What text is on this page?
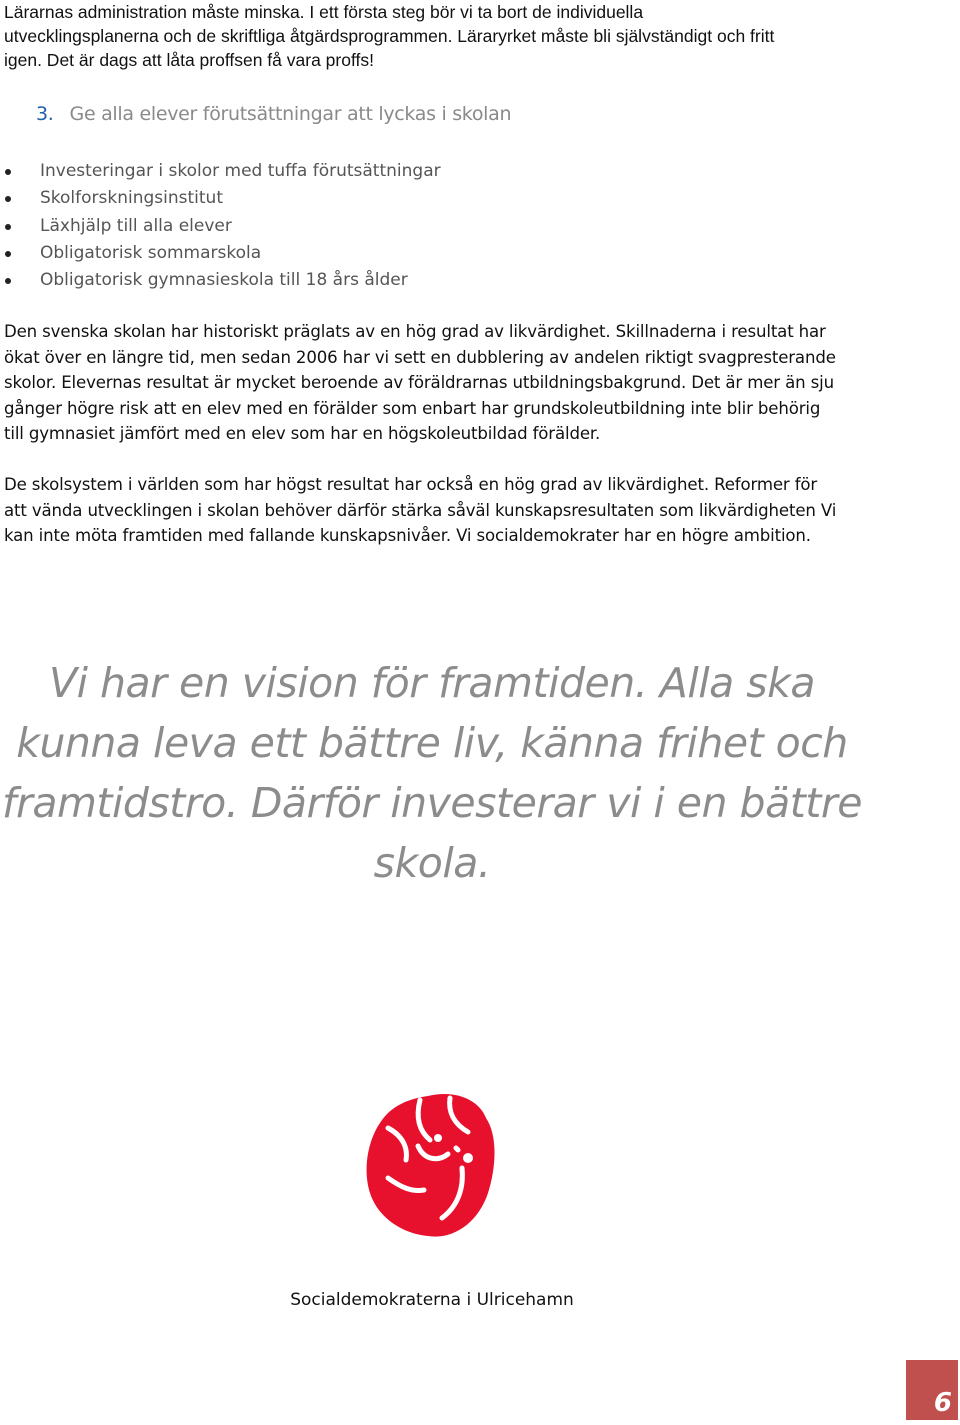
Lärarnas administration måste minska. I ett första steg bör vi ta bort de individuella
utvecklingsplanerna och de skriftliga åtgärdsprogrammen. Läraryrket måste bli självständigt och fritt
igen. Det är dags att låta proffsen få vara proffs!
3. Ge alla elever förutsättningar att lyckas i skolan
Investeringar i skolor med tuffa förutsättningar
Skolforskningsinstitut
Läxhjälp till alla elever
Obligatorisk sommarskola
Obligatorisk gymnasieskola till 18 års ålder
Den svenska skolan har historiskt präglats av en hög grad av likvärdighet. Skillnaderna i resultat har
ökat över en längre tid, men sedan 2006 har vi sett en dubblering av andelen riktigt svagpresterande
skolor. Elevernas resultat är mycket beroende av föräldrarnas utbildningsbakgrund. Det är mer än sju
gånger högre risk att en elev med en förälder som enbart har grundskoleutbildning inte blir behörig
till gymnasiet jämfört med en elev som har en högskoleutbildad förälder.
De skolsystem i världen som har högst resultat har också en hög grad av likvärdighet. Reformer för
att vända utvecklingen i skolan behöver därför stärka såväl kunskapsresultaten som likvärdigheten Vi
kan inte möta framtiden med fallande kunskapsnivåer. Vi socialdemokrater har en högre ambition.
Vi har en vision för framtiden. Alla ska
kunna leva ett bättre liv, känna frihet och
framtidstro. Därför investerar vi i en bättre
skola.
Socialdemokraterna i Ulricehamn
6
